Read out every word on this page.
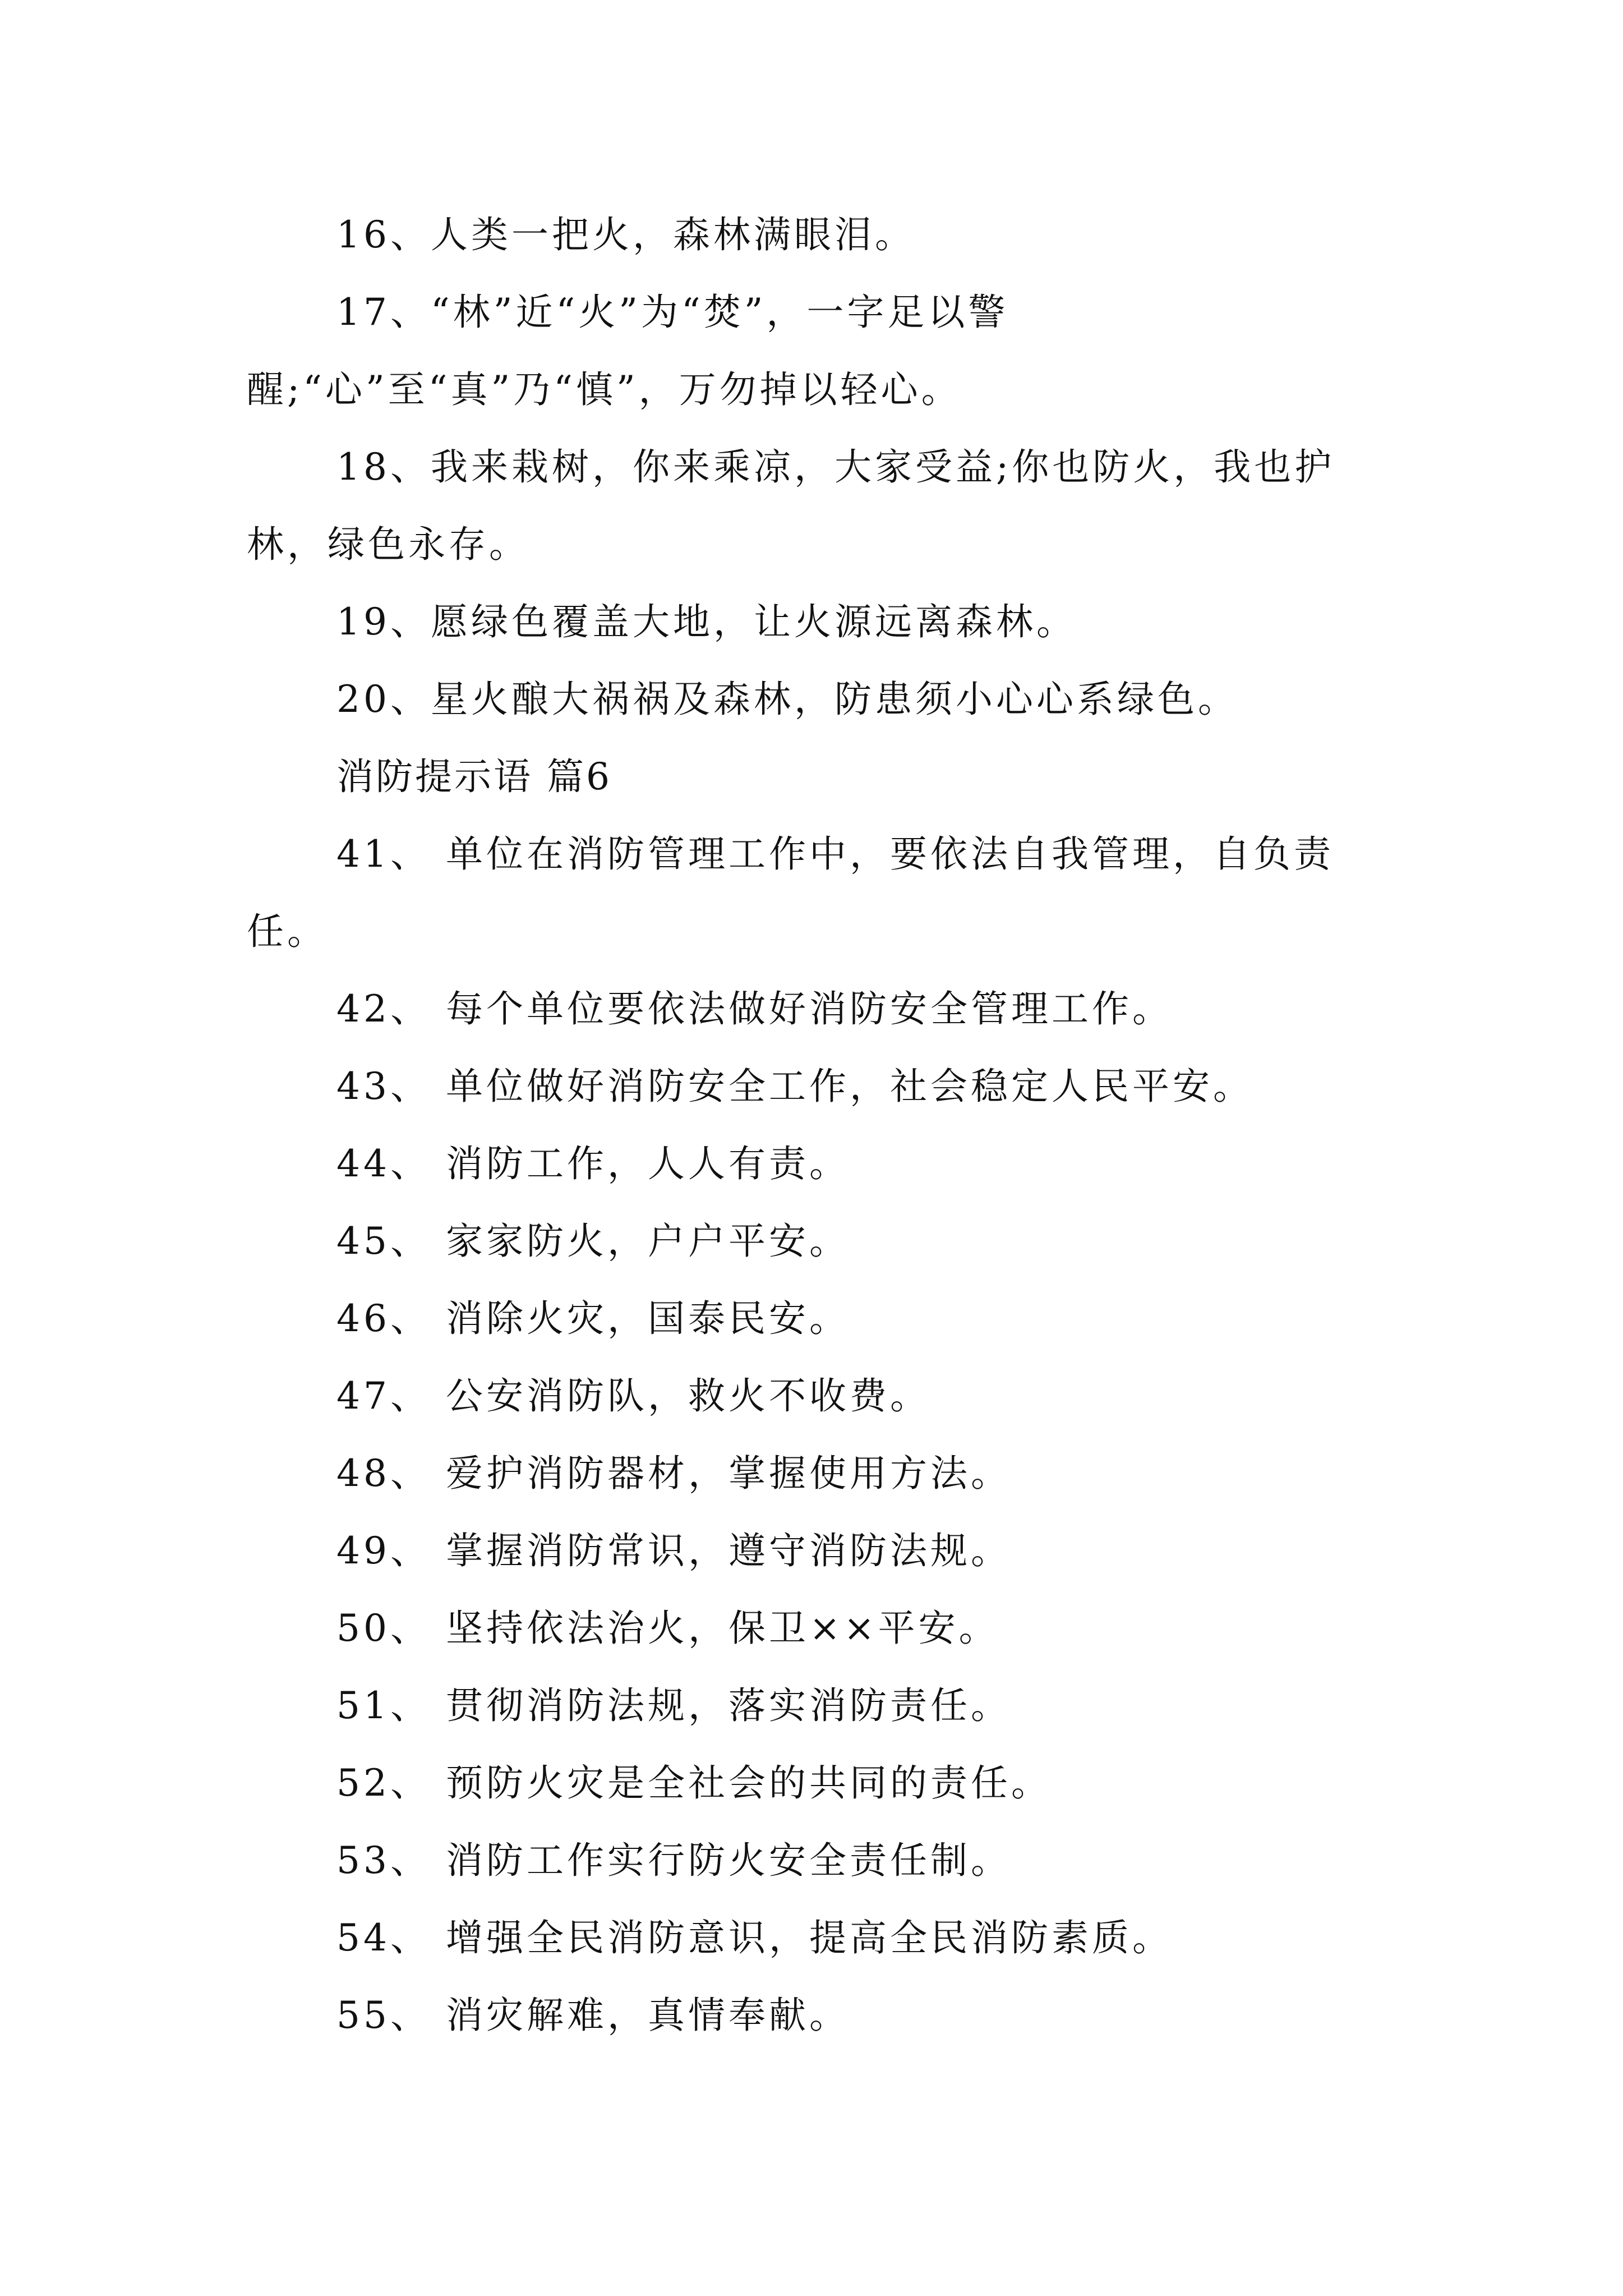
16、人类一把火，森林满眼泪。

17、“林”近“火”为“焚”，一字足以警醒;“心”至“真”乃“慎”，万勿掉以轻心。

18、我来栽树，你来乘凉，大家受益;你也防火，我也护林，绿色永存。

19、愿绿色覆盖大地，让火源远离森林。

20、星火酿大祸祸及森林，防患须小心心系绿色。

消防提示语 篇6

41、 单位在消防管理工作中，要依法自我管理，自负责任。

42、 每个单位要依法做好消防安全管理工作。

43、 单位做好消防安全工作，社会稳定人民平安。

44、 消防工作，人人有责。

45、 家家防火，户户平安。

46、 消除火灾，国泰民安。

47、 公安消防队，救火不收费。

48、 爱护消防器材，掌握使用方法。

49、 掌握消防常识，遵守消防法规。

50、 坚持依法治火，保卫××平安。

51、 贯彻消防法规，落实消防责任。

52、 预防火灾是全社会的共同的责任。

53、 消防工作实行防火安全责任制。

54、 增强全民消防意识，提高全民消防素质。

55、 消灾解难，真情奉献。
